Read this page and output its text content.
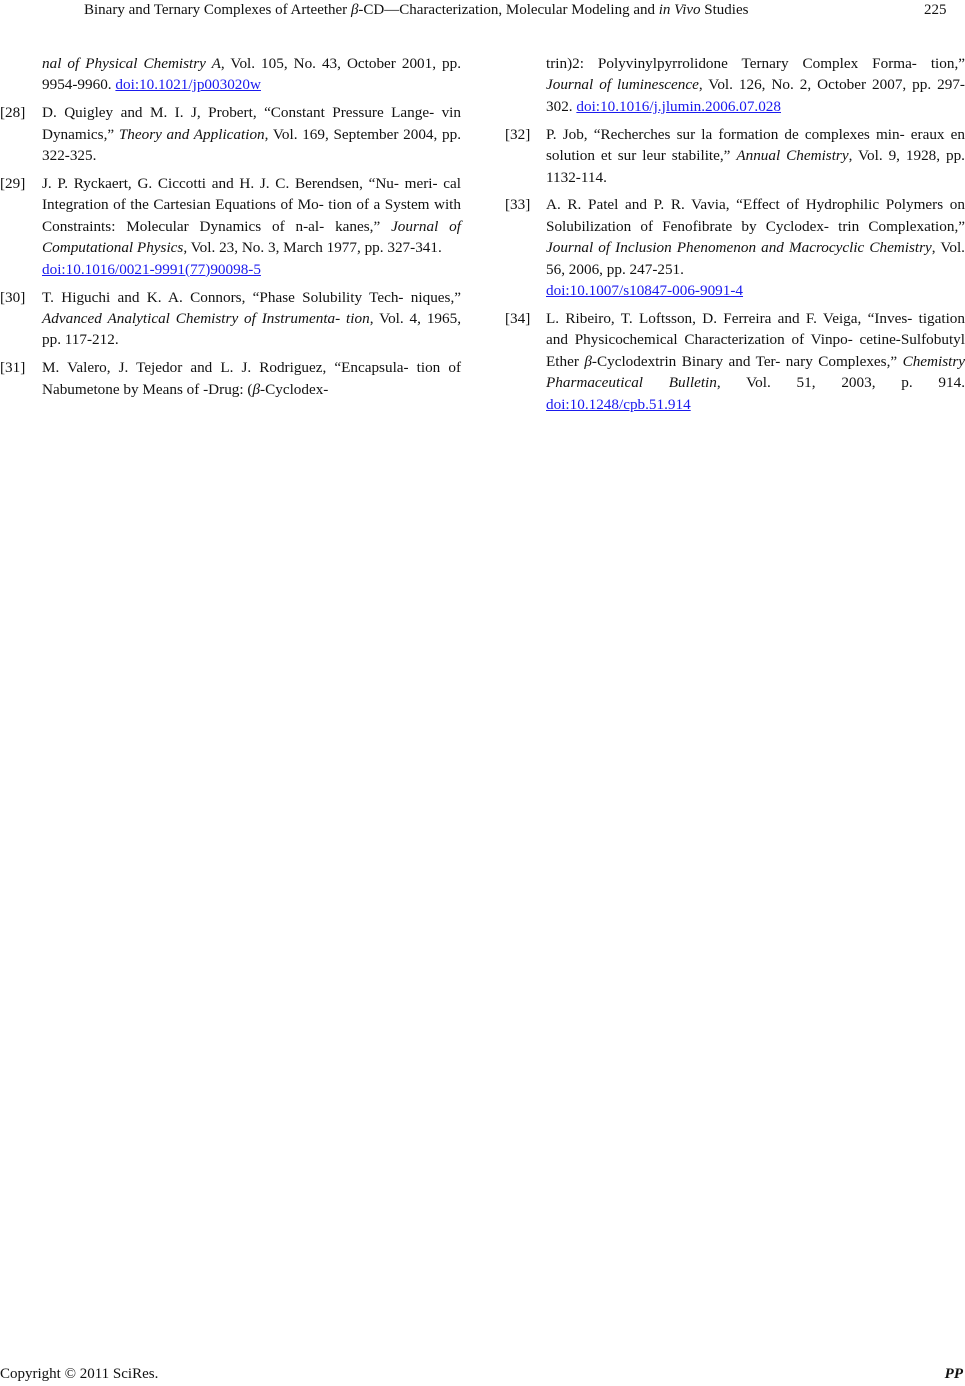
Binary and Ternary Complexes of Arteether β-CD—Characterization, Molecular Modeling and in Vivo Studies	225
nal of Physical Chemistry A, Vol. 105, No. 43, October 2001, pp. 9954-9960. doi:10.1021/jp003020w
[28] D. Quigley and M. I. J, Probert, “Constant Pressure Lange- vin Dynamics,” Theory and Application, Vol. 169, September 2004, pp. 322-325.
[29] J. P. Ryckaert, G. Ciccotti and H. J. C. Berendsen, “Nu- meri- cal Integration of the Cartesian Equations of Mo- tion of a System with Constraints: Molecular Dynamics of n-al- kanes,” Journal of Computational Physics, Vol. 23, No. 3, March 1977, pp. 327-341.
doi:10.1016/0021-9991(77)90098-5
[30] T. Higuchi and K. A. Connors, “Phase Solubility Tech- niques,” Advanced Analytical Chemistry of Instrumenta- tion, Vol. 4, 1965, pp. 117-212.
[31] M. Valero, J. Tejedor and L. J. Rodriguez, “Encapsula- tion of Nabumetone by Means of -Drug: (β-Cyclodex-
trin)2: Polyvinylpyrrolidone Ternary Complex Forma- tion,” Journal of luminescence, Vol. 126, No. 2, October 2007, pp. 297-302. doi:10.1016/j.jlumin.2006.07.028
[32] P. Job, “Recherches sur la formation de complexes min- eraux en solution et sur leur stabilite,” Annual Chemistry, Vol. 9, 1928, pp. 1132-114.
[33] A. R. Patel and P. R. Vavia, “Effect of Hydrophilic Polymers on Solubilization of Fenofibrate by Cyclodex- trin Complexation,” Journal of Inclusion Phenomenon and Macrocyclic Chemistry, Vol. 56, 2006, pp. 247-251.
doi:10.1007/s10847-006-9091-4
[34] L. Ribeiro, T. Loftsson, D. Ferreira and F. Veiga, “Inves- tigation and Physicochemical Characterization of Vinpo- cetine-Sulfobutyl Ether β-Cyclodextrin Binary and Ter- nary Complexes,” Chemistry Pharmaceutical Bulletin, Vol. 51, 2003, p. 914. doi:10.1248/cpb.51.914
Copyright © 2011 SciRes.	PP
